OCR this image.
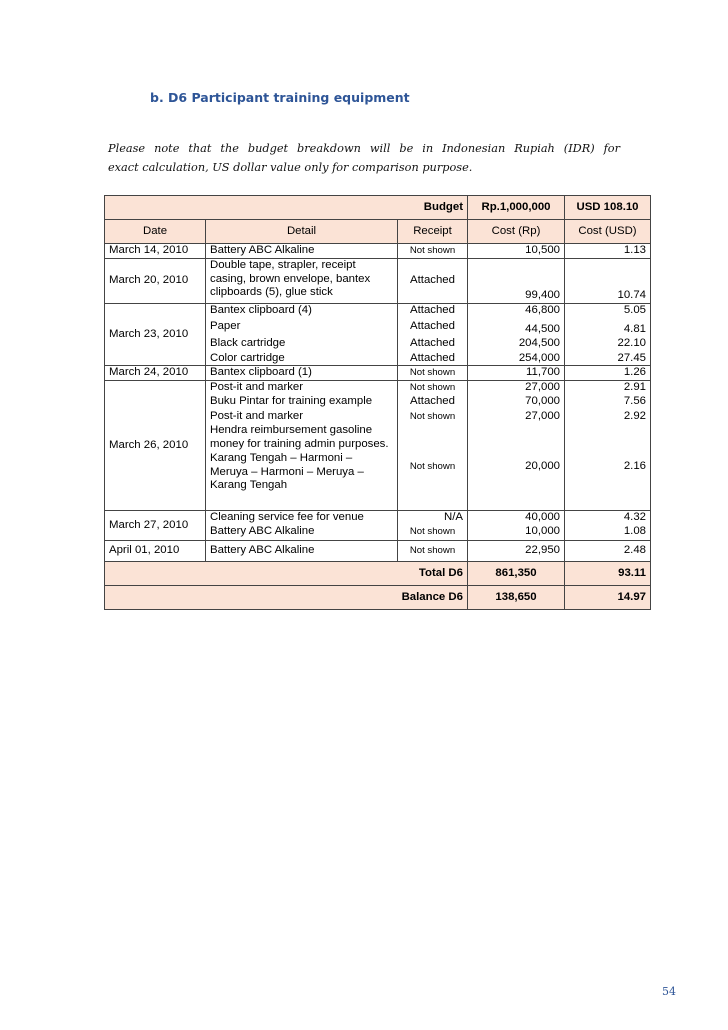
b. D6 Participant training equipment
Please note that the budget breakdown will be in Indonesian Rupiah (IDR) for
exact calculation, US dollar value only for comparison purpose.
		Budget	Rp.1,000,000	USD 108.10
Date	Detail	Receipt	Cost (Rp)	Cost (USD)
March 14, 2010	Battery ABC Alkaline	Not shown	10,500	1.13
March 20, 2010	Double tape, strapler, receipt casing, brown envelope, bantex clipboards (5), glue stick	Attached	99,400	10.74
March 23, 2010	Bantex clipboard (4)	Attached	46,800	5.05
	Paper	Attached	44,500	4.81
	Black cartridge	Attached	204,500	22.10
	Color cartridge	Attached	254,000	27.45
March 24, 2010	Bantex clipboard (1)	Not shown	11,700	1.26
March 26, 2010	Post-it and marker	Not shown	27,000	2.91
	Buku Pintar for training example	Attached	70,000	7.56
	Post-it and marker	Not shown	27,000	2.92
	Hendra reimbursement gasoline money for training admin purposes. Karang Tengah – Harmoni – Meruya – Harmoni – Meruya – Karang Tengah	Not shown	20,000	2.16
March 27, 2010	Cleaning service fee for venue	N/A	40,000	4.32
	Battery ABC Alkaline	Not shown	10,000	1.08
April 01, 2010	Battery ABC Alkaline	Not shown	22,950	2.48
		Total D6	861,350	93.11
		Balance D6	138,650	14.97
54
